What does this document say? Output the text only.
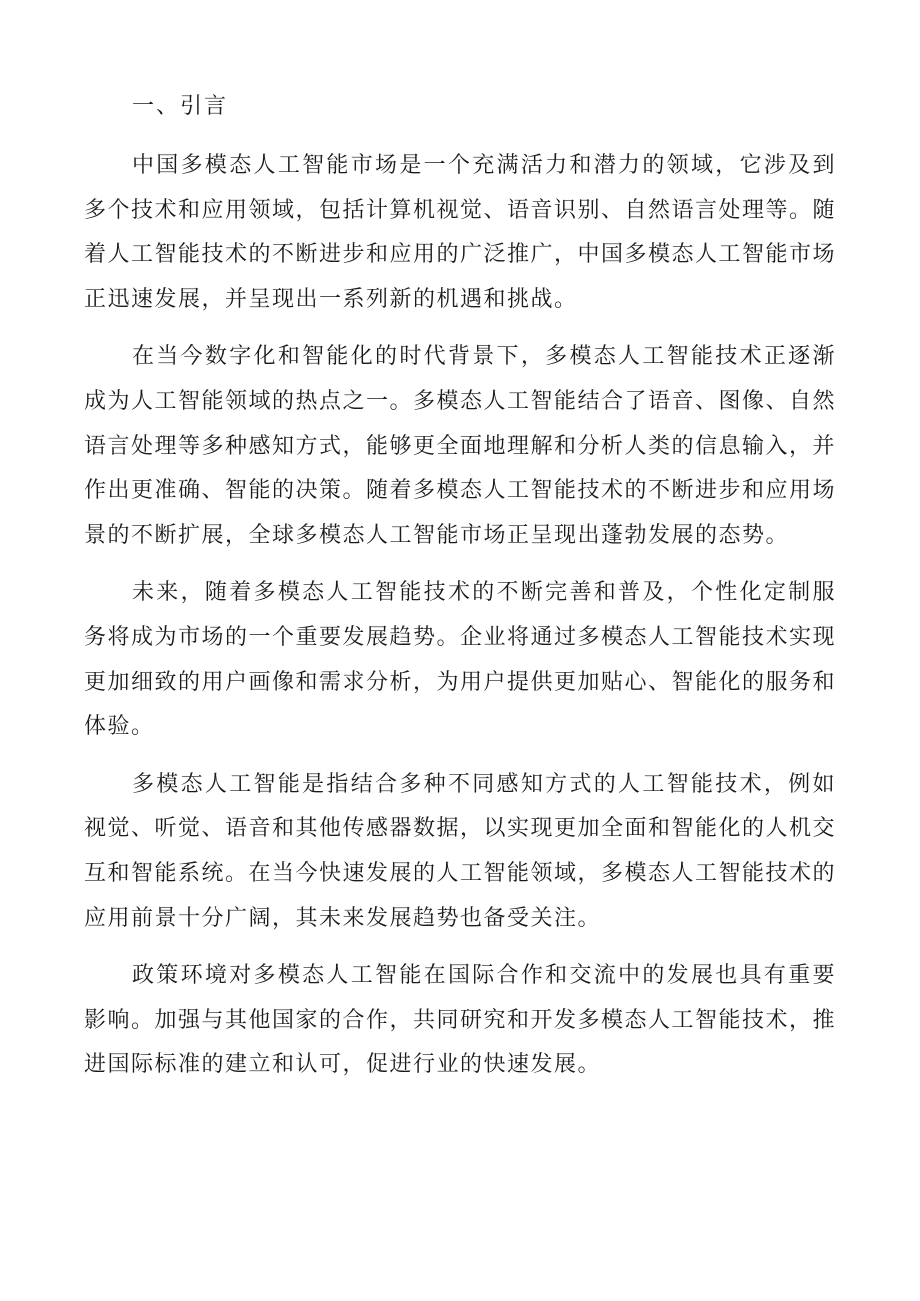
一、引言

中国多模态人工智能市场是一个充满活力和潜力的领域，它涉及到多个技术和应用领域，包括计算机视觉、语音识别、自然语言处理等。随着人工智能技术的不断进步和应用的广泛推广，中国多模态人工智能市场正迅速发展，并呈现出一系列新的机遇和挑战。

在当今数字化和智能化的时代背景下，多模态人工智能技术正逐渐成为人工智能领域的热点之一。多模态人工智能结合了语音、图像、自然语言处理等多种感知方式，能够更全面地理解和分析人类的信息输入，并作出更准确、智能的决策。随着多模态人工智能技术的不断进步和应用场景的不断扩展，全球多模态人工智能市场正呈现出蓬勃发展的态势。

未来，随着多模态人工智能技术的不断完善和普及，个性化定制服务将成为市场的一个重要发展趋势。企业将通过多模态人工智能技术实现更加细致的用户画像和需求分析，为用户提供更加贴心、智能化的服务和体验。

多模态人工智能是指结合多种不同感知方式的人工智能技术，例如视觉、听觉、语音和其他传感器数据，以实现更加全面和智能化的人机交互和智能系统。在当今快速发展的人工智能领域，多模态人工智能技术的应用前景十分广阔，其未来发展趋势也备受关注。

政策环境对多模态人工智能在国际合作和交流中的发展也具有重要影响。加强与其他国家的合作，共同研究和开发多模态人工智能技术，推进国际标准的建立和认可，促进行业的快速发展。
